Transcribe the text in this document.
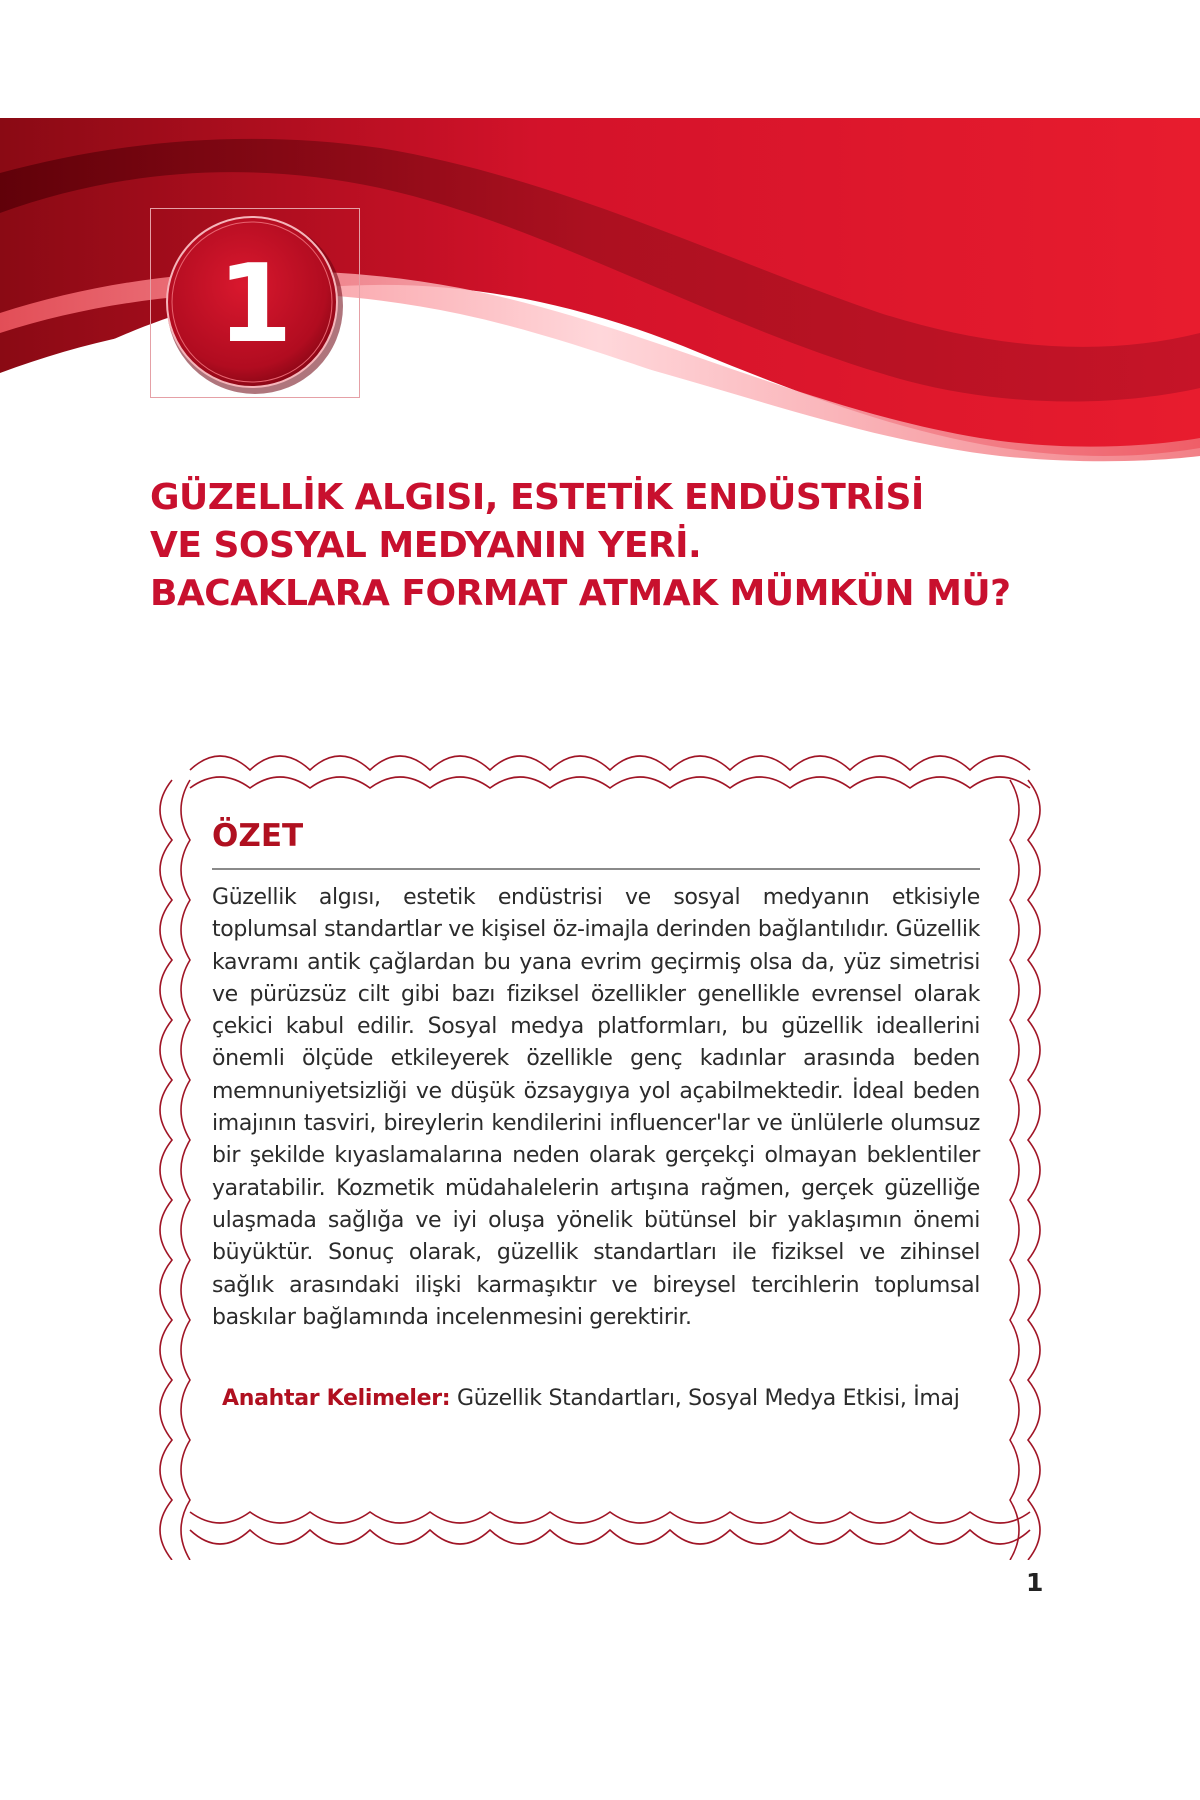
1
GÜZELLİK ALGISI, ESTETİK ENDÜSTRİSİ
VE SOSYAL MEDYANIN YERİ.
BACAKLARA FORMAT ATMAK MÜMKÜN MÜ?
ÖZET
Güzellik algısı, estetik endüstrisi ve sosyal medyanın etkisiyle toplumsal standartlar ve kişisel öz-imajla derinden bağlantılıdır. Güzellik kavramı antik çağlardan bu yana evrim geçirmiş olsa da, yüz simetrisi ve pürüzsüz cilt gibi bazı fiziksel özellikler genellikle evrensel olarak çekici kabul edilir. Sosyal medya platformları, bu güzellik ideallerini önemli ölçüde etkileyerek özellikle genç kadınlar arasında beden memnuniyetsizliği ve düşük özsaygıya yol açabilmektedir. İdeal beden imajının tasviri, bireylerin kendilerini influencer'lar ve ünlülerle olumsuz bir şekilde kıyaslamalarına neden olarak gerçekçi olmayan beklentiler yaratabilir. Kozmetik müdahalelerin artışına rağmen, gerçek güzelliğe ulaşmada sağlığa ve iyi oluşa yönelik bütünsel bir yaklaşımın önemi büyüktür. Sonuç olarak, güzellik standartları ile fiziksel ve zihinsel sağlık arasındaki ilişki karmaşıktır ve bireysel tercihlerin toplumsal baskılar bağlamında incelenmesini gerektirir.
Anahtar Kelimeler: Güzellik Standartları, Sosyal Medya Etkisi, İmaj
1
